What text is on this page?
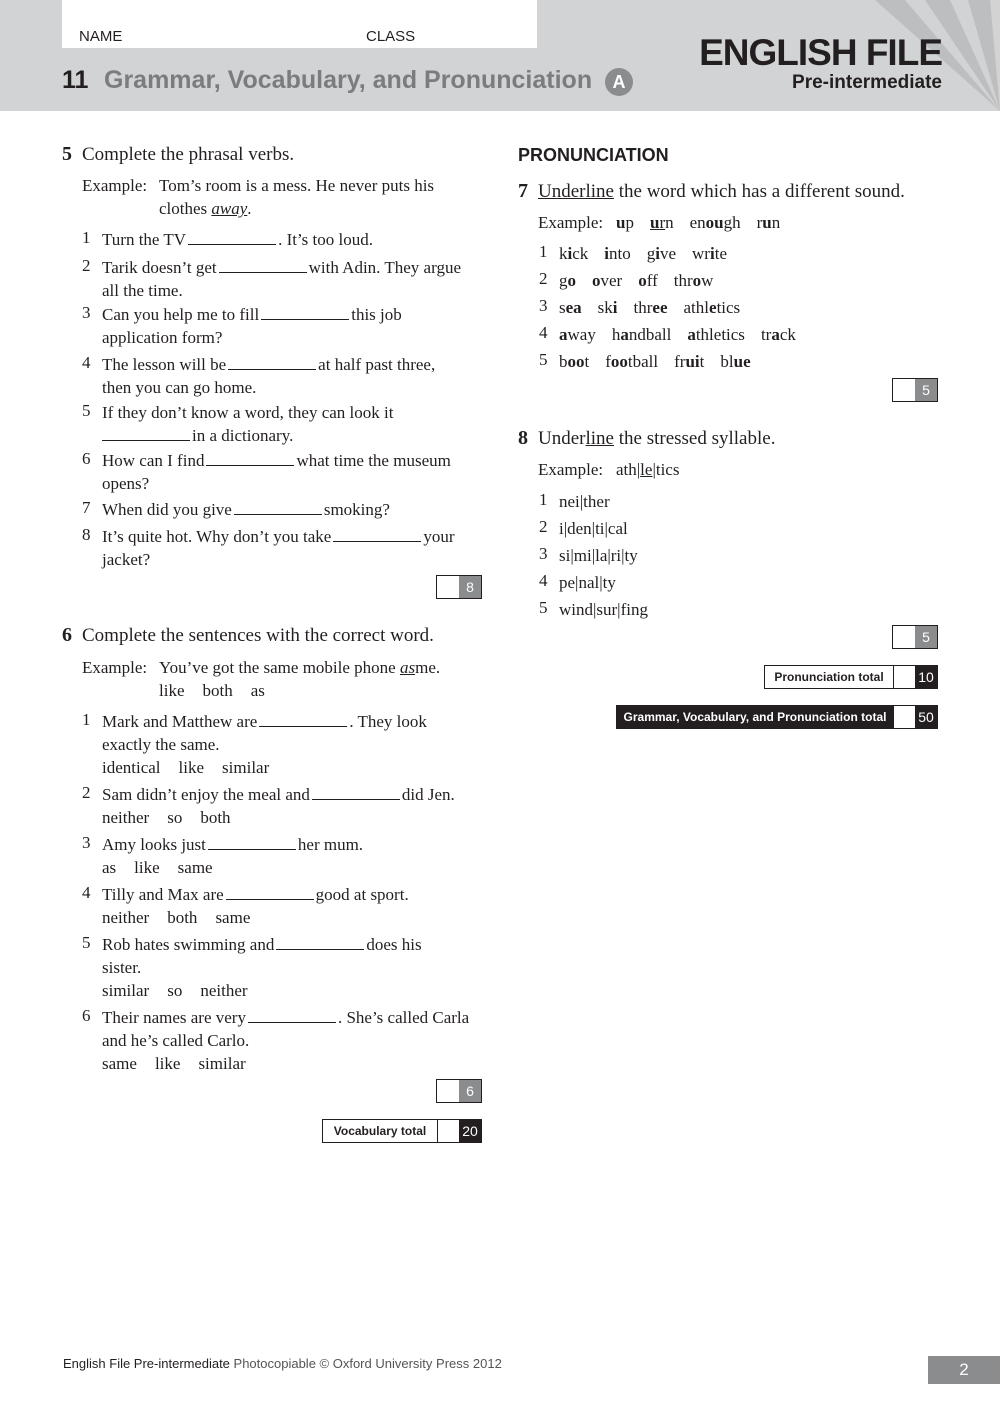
NAME	CLASS
11 Grammar, Vocabulary, and Pronunciation	A
ENGLISH FILE
Pre-intermediate
5 Complete the phrasal verbs.
Example: Tom’s room is a mess. He never puts his
clothes away.
1 Turn the TV	. It’s too loud.
2 Tarik doesn’t get	with Adin. They argue
all the time.
3 Can you help me to fill	this job
application form?
4 The lesson will be	at half past three,
then you can go home.
5 If they don’t know a word, they can look it
in a dictionary.
6 How can I find	what time the museum
opens?
7 When did you give	smoking?
8 It’s quite hot. Why don’t you take	your
jacket?
8
6 Complete the sentences with the correct word.
Example: You’ve got the same mobile phone asme.
like both as
1 Mark and Matthew are	. They look
exactly the same.
identical like similar
2 Sam didn’t enjoy the meal and	did Jen.
neither so both
3 Amy looks just	her mum.
as like same
4 Tilly and Max are	good at sport.
neither both same
5 Rob hates swimming and	does his
sister.
similar so neither
6 Their names are very	. She’s called Carla
and he’s called Carlo.
same like similar
6
Vocabulary total	20
PRONUNCIATION
7 Underline the word which has a different sound.
Example: up urn enough run
1 kick into give write
2 go over off throw
3 sea ski three athletics
4 away handball athletics track
5 boot football fruit blue
5
8 Underline the stressed syllable.
Example: ath|le|tics
1 nei|ther
2 i|den|ti|cal
3 si|mi|la|ri|ty
4 pe|nal|ty
5 wind|sur|fing
5
Pronunciation total	10
Grammar, Vocabulary, and Pronunciation total	50
English File Pre-intermediate Photocopiable © Oxford University Press 2012	2
